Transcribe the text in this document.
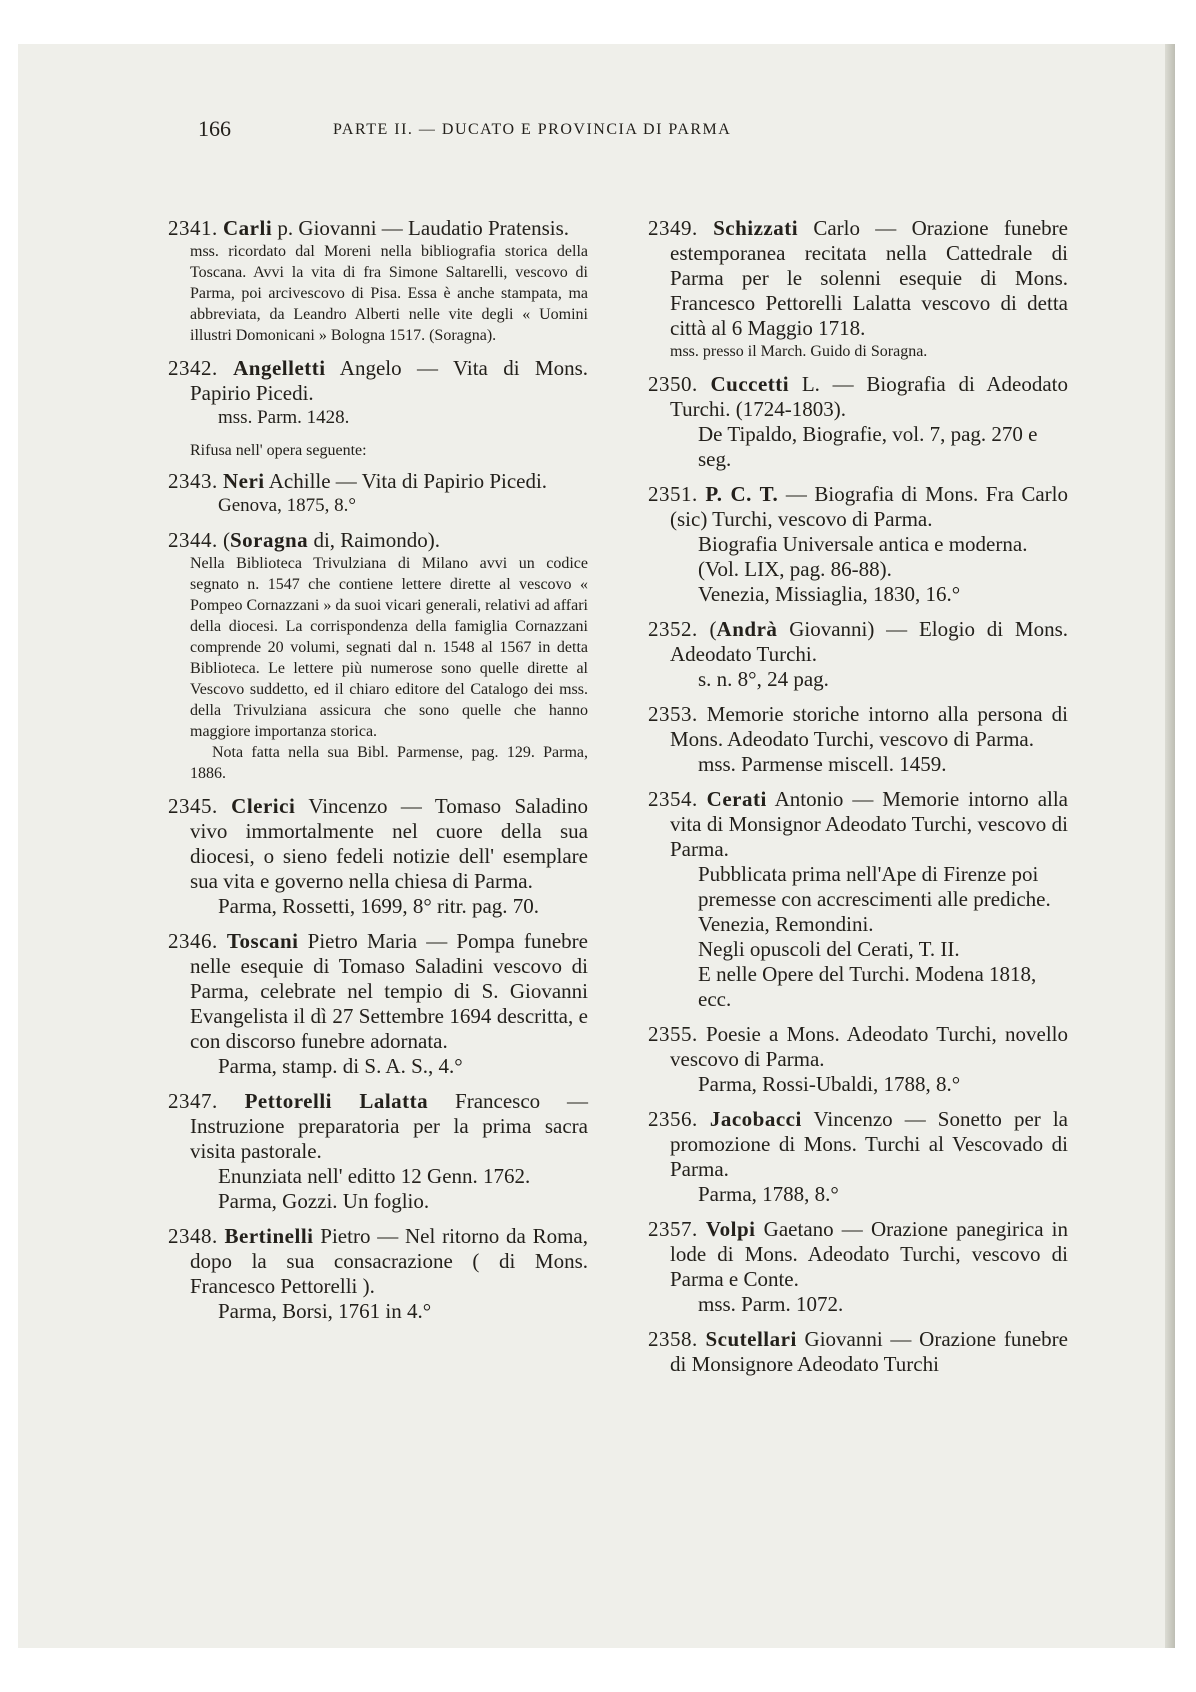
166	PARTE II. — DUCATO E PROVINCIA DI PARMA

2341. Carli p. Giovanni — Laudatio Pratensis.

mss. ricordato dal Moreni nella bibliografia storica della Toscana. Avvi la vita di fra Simone Saltarelli, vescovo di Parma, poi arcivescovo di Pisa. Essa è anche stampata, ma abbreviata, da Leandro Alberti nelle vite degli « Uomini illustri Domonicani » Bologna 1517. (Soragna).

2342. Angelletti Angelo — Vita di Mons. Papirio Picedi.

mss. Parm. 1428.

Rifusa nell' opera seguente:

2343. Neri Achille — Vita di Papirio Picedi.

Genova, 1875, 8.°

2344. (Soragna di, Raimondo).

Nella Biblioteca Trivulziana di Milano avvi un codice segnato n. 1547 che contiene lettere dirette al vescovo « Pompeo Cornazzani » da suoi vicari generali, relativi ad affari della diocesi. La corrispondenza della famiglia Cornazzani comprende 20 volumi, segnati dal n. 1548 al 1567 in detta Biblioteca. Le lettere più numerose sono quelle dirette al Vescovo suddetto, ed il chiaro editore del Catalogo dei mss. della Trivulziana assicura che sono quelle che hanno maggiore importanza storica.

Nota fatta nella sua Bibl. Parmense, pag. 129. Parma, 1886.

2345. Clerici Vincenzo — Tomaso Saladino vivo immortalmente nel cuore della sua diocesi, o sieno fedeli notizie dell' esemplare sua vita e governo nella chiesa di Parma.

Parma, Rossetti, 1699, 8° ritr. pag. 70.

2346. Toscani Pietro Maria — Pompa funebre nelle esequie di Tomaso Saladini vescovo di Parma, celebrate nel tempio di S. Giovanni Evangelista il dì 27 Settembre 1694 descritta, e con discorso funebre adornata.

Parma, stamp. di S. A. S., 4.°

2347. Pettorelli Lalatta Francesco — Instruzione preparatoria per la prima sacra visita pastorale.

Enunziata nell' editto 12 Genn. 1762.

Parma, Gozzi. Un foglio.

2348. Bertinelli Pietro — Nel ritorno da Roma, dopo la sua consacrazione ( di Mons. Francesco Pettorelli ).

Parma, Borsi, 1761 in 4.°

2349. Schizzati Carlo — Orazione funebre estemporanea recitata nella Cattedrale di Parma per le solenni esequie di Mons. Francesco Pettorelli Lalatta vescovo di detta città al 6 Maggio 1718.

mss. presso il March. Guido di Soragna.

2350. Cuccetti L. — Biografia di Adeodato Turchi. (1724-1803).

De Tipaldo, Biografie, vol. 7, pag. 270 e seg.

2351. P. C. T. — Biografia di Mons. Fra Carlo (sic) Turchi, vescovo di Parma.

Biografia Universale antica e moderna. (Vol. LIX, pag. 86-88).

Venezia, Missiaglia, 1830, 16.°

2352. (Andrà Giovanni) — Elogio di Mons. Adeodato Turchi.

s. n. 8°, 24 pag.

2353. Memorie storiche intorno alla persona di Mons. Adeodato Turchi, vescovo di Parma.

mss. Parmense miscell. 1459.

2354. Cerati Antonio — Memorie intorno alla vita di Monsignor Adeodato Turchi, vescovo di Parma.

Pubblicata prima nell'Ape di Firenze poi premesse con accrescimenti alle prediche.

Venezia, Remondini.

Negli opuscoli del Cerati, T. II.

E nelle Opere del Turchi. Modena 1818, ecc.

2355. Poesie a Mons. Adeodato Turchi, novello vescovo di Parma.

Parma, Rossi-Ubaldi, 1788, 8.°

2356. Jacobacci Vincenzo — Sonetto per la promozione di Mons. Turchi al Vescovado di Parma.

Parma, 1788, 8.°

2357. Volpi Gaetano — Orazione panegirica in lode di Mons. Adeodato Turchi, vescovo di Parma e Conte.

mss. Parm. 1072.

2358. Scutellari Giovanni — Orazione funebre di Monsignore Adeodato Turchi
